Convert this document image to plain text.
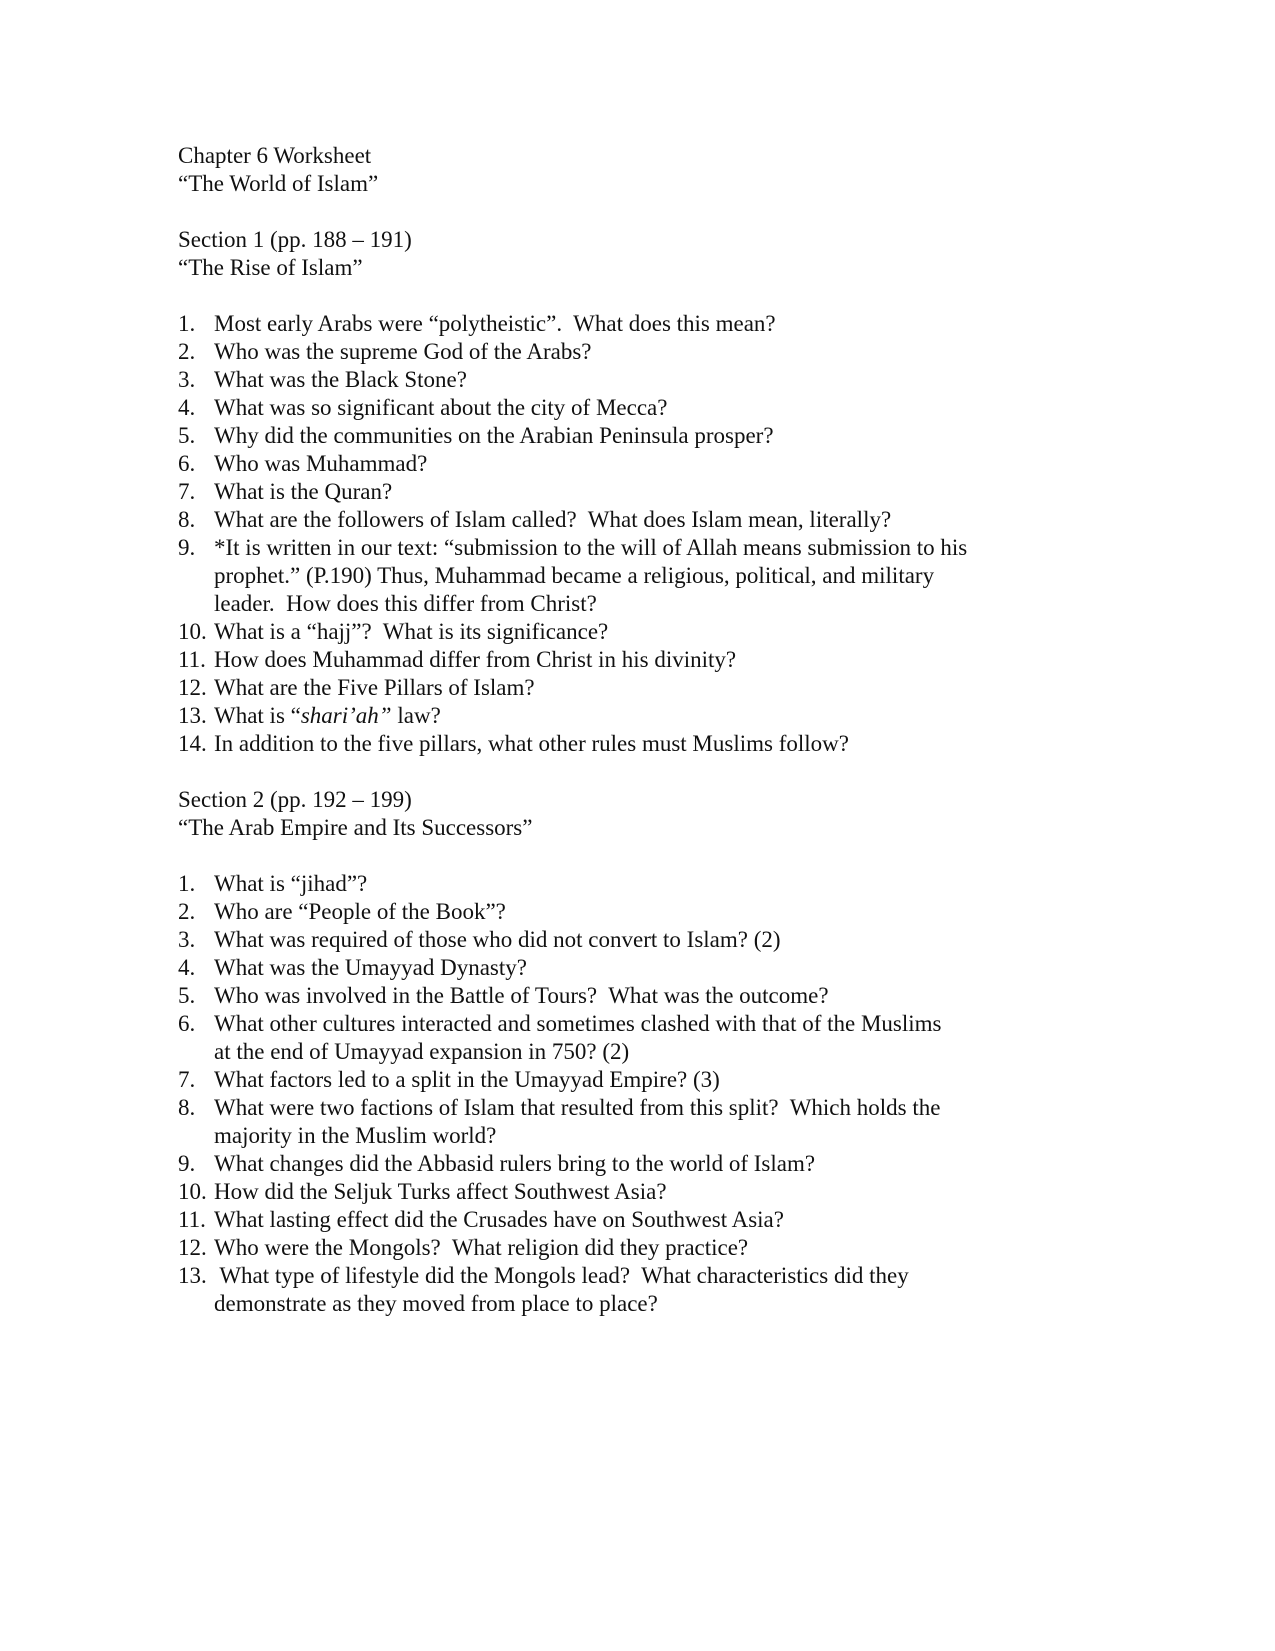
Chapter 6 Worksheet
“The World of Islam”
Section 1 (pp. 188 – 191)
“The Rise of Islam”
1. Most early Arabs were “polytheistic”.  What does this mean?
2. Who was the supreme God of the Arabs?
3. What was the Black Stone?
4. What was so significant about the city of Mecca?
5. Why did the communities on the Arabian Peninsula prosper?
6. Who was Muhammad?
7. What is the Quran?
8. What are the followers of Islam called?  What does Islam mean, literally?
9. *It is written in our text: “submission to the will of Allah means submission to his
prophet.” (P.190) Thus, Muhammad became a religious, political, and military
leader.  How does this differ from Christ?
10. What is a “hajj”?  What is its significance?
11. How does Muhammad differ from Christ in his divinity?
12. What are the Five Pillars of Islam?
13. What is “shari’ah” law?
14. In addition to the five pillars, what other rules must Muslims follow?
Section 2 (pp. 192 – 199)
“The Arab Empire and Its Successors”
1. What is “jihad”?
2. Who are “People of the Book”?
3. What was required of those who did not convert to Islam? (2)
4. What was the Umayyad Dynasty?
5. Who was involved in the Battle of Tours?  What was the outcome?
6. What other cultures interacted and sometimes clashed with that of the Muslims
at the end of Umayyad expansion in 750? (2)
7. What factors led to a split in the Umayyad Empire? (3)
8. What were two factions of Islam that resulted from this split?  Which holds the
majority in the Muslim world?
9. What changes did the Abbasid rulers bring to the world of Islam?
10. How did the Seljuk Turks affect Southwest Asia?
11. What lasting effect did the Crusades have on Southwest Asia?
12. Who were the Mongols?  What religion did they practice?
13. What type of lifestyle did the Mongols lead?  What characteristics did they
demonstrate as they moved from place to place?
